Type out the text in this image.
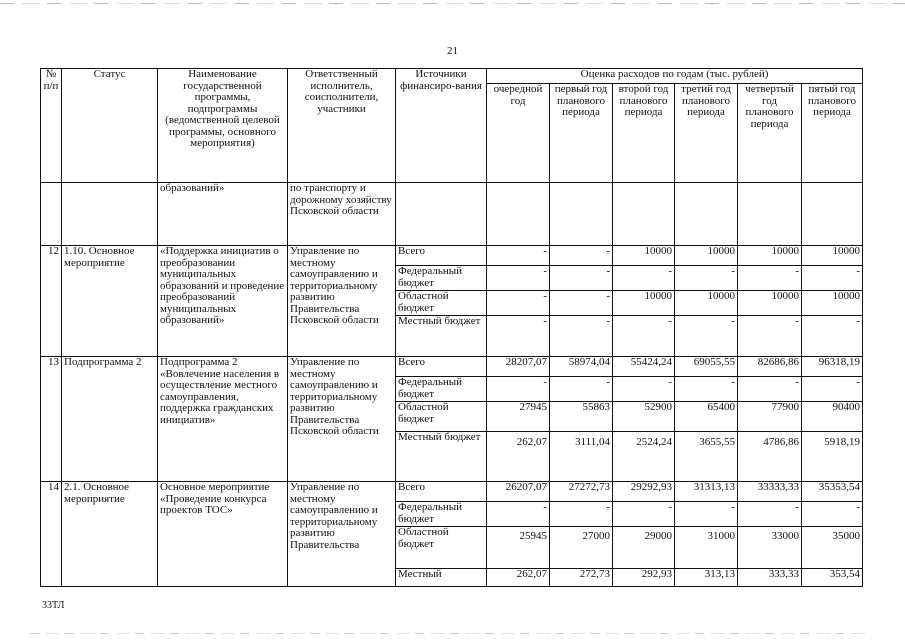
21
№ п/п	Статус	Наименование государственной программы, подпрограммы (ведомственной целевой программы, основного мероприятия)	Ответственный исполнитель, соисполнители, участники	Источники финансиро-вания	Оценка расходов по годам (тыс. рублей)					
					очередной год	первый год планового периода	второй год планового периода	третий год планового периода	четвертый год планового периода	пятый год планового периода
		образований»	по транспорту и дорожному хозяйству Псковской области							
12	1.10. Основное мероприятие	«Поддержка инициатив о преобразовании муниципальных образований и проведение преобразований муниципальных образований»	Управление по местному самоуправлению и территориальному развитию Правительства Псковской области	Всего	-	-	10000	10000	10000	10000
				Федеральный бюджет	-	-	-	-	-	-
				Областной бюджет	-	-	10000	10000	10000	10000
				Местный бюджет	-	-	-	-	-	-
13	Подпрограмма 2	Подпрограмма 2 «Вовлечение населения в осуществление местного самоуправления, поддержка гражданских инициатив»	Управление по местному самоуправлению и территориальному развитию Правительства Псковской области	Всего	28207,07	58974,04	55424,24	69055,55	82686,86	96318,19
				Федеральный бюджет	-	-	-	-	-	-
				Областной бюджет	27945	55863	52900	65400	77900	90400
				Местный бюджет	262,07	3111,04	2524,24	3655,55	4786,86	5918,19
14	2.1. Основное мероприятие	Основное мероприятие «Проведение конкурса проектов ТОС»	Управление по местному самоуправлению и территориальному развитию Правительства	Всего	26207,07	27272,73	29292,93	31313,13	33333,33	35353,54
				Федеральный бюджет	-	-	-	-	-	-
				Областной бюджет	25945	27000	29000	31000	33000	35000
				Местный	262,07	272,73	292,93	313,13	333,33	353,54
33ТЛ
